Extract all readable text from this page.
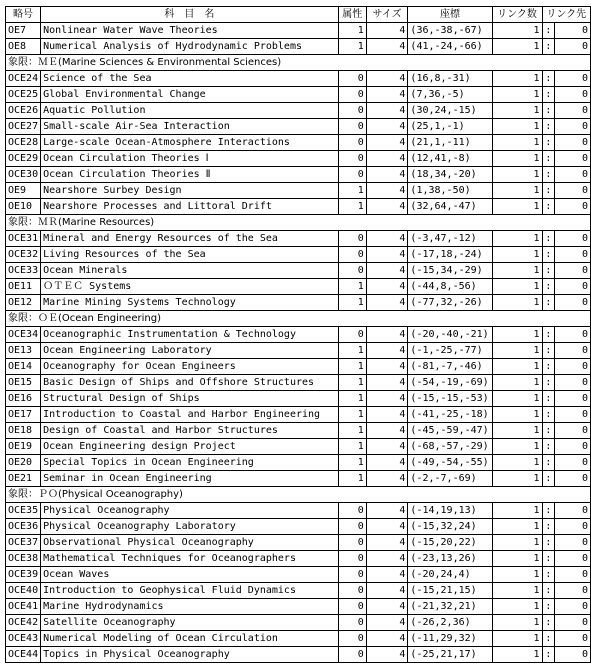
略号	科　目　名	属性	サイズ	座標	リンク数	リンク先	
OE7	Nonlinear Water Wave Theories	1	4	(36,-38,-67)	1	:	0
OE8	Numerical Analysis of Hydrodynamic Problems	1	4	(41,-24,-66)	1	:	0
象限：ＭＥ(Marine Sciences & Environmental Sciences)							
OCE24	Science of the Sea	0	4	(16,8,-31)	1	:	0
OCE25	Global Environmental Change	0	4	(7,36,-5)	1	:	0
OCE26	Aquatic Pollution	0	4	(30,24,-15)	1	:	0
OCE27	Small-scale Air-Sea Interaction	0	4	(25,1,-1)	1	:	0
OCE28	Large-scale Ocean-Atmosphere Interactions	0	4	(21,1,-11)	1	:	0
OCE29	Ocean Circulation Theories Ⅰ	0	4	(12,41,-8)	1	:	0
OCE30	Ocean Circulation Theories Ⅱ	0	4	(18,34,-20)	1	:	0
OE9	Nearshore Surbey Design	1	4	(1,38,-50)	1	:	0
OE10	Nearshore Processes and Littoral Drift	1	4	(32,64,-47)	1	:	0
象限：ＭＲ(Marine Resources)							
OCE31	Mineral and Energy Resources of the Sea	0	4	(-3,47,-12)	1	:	0
OCE32	Living Resources of the Sea	0	4	(-17,18,-24)	1	:	0
OCE33	Ocean Minerals	0	4	(-15,34,-29)	1	:	0
OE11	ＯＴＥＣ Systems	1	4	(-44,8,-56)	1	:	0
OE12	Marine Mining Systems Technology	1	4	(-77,32,-26)	1	:	0
象限：ＯＥ(Ocean Engineering)							
OCE34	Oceanographic Instrumentation & Technology	0	4	(-20,-40,-21)	1	:	0
OE13	Ocean Engineering Laboratory	1	4	(-1,-25,-77)	1	:	0
OE14	Oceanography for Ocean Engineers	1	4	(-81,-7,-46)	1	:	0
OE15	Basic Design of Ships and Offshore Structures	1	4	(-54,-19,-69)	1	:	0
OE16	Structural Design of Ships	1	4	(-15,-15,-53)	1	:	0
OE17	Introduction to Coastal and Harbor Engineering	1	4	(-41,-25,-18)	1	:	0
OE18	Design of Coastal and Harbor Structures	1	4	(-45,-59,-47)	1	:	0
OE19	Ocean Engineering design Project	1	4	(-68,-57,-29)	1	:	0
OE20	Special Topics in Ocean Engineering	1	4	(-49,-54,-55)	1	:	0
OE21	Seminar in Ocean Engineering	1	4	(-2,-7,-69)	1	:	0
象限：ＰＯ(Physical Oceanography)							
OCE35	Physical Oceanography	0	4	(-14,19,13)	1	:	0
OCE36	Physical Oceanography Laboratory	0	4	(-15,32,24)	1	:	0
OCE37	Observational Physical Oceanography	0	4	(-15,20,22)	1	:	0
OCE38	Mathematical Techniques for Oceanographers	0	4	(-23,13,26)	1	:	0
OCE39	Ocean Waves	0	4	(-20,24,4)	1	:	0
OCE40	Introduction to Geophysical Fluid Dynamics	0	4	(-15,21,15)	1	:	0
OCE41	Marine Hydrodynamics	0	4	(-21,32,21)	1	:	0
OCE42	Satellite Oceanography	0	4	(-26,2,36)	1	:	0
OCE43	Numerical Modeling of Ocean Circulation	0	4	(-11,29,32)	1	:	0
OCE44	Topics in Physical Oceanography	0	4	(-25,21,17)	1	:	0
